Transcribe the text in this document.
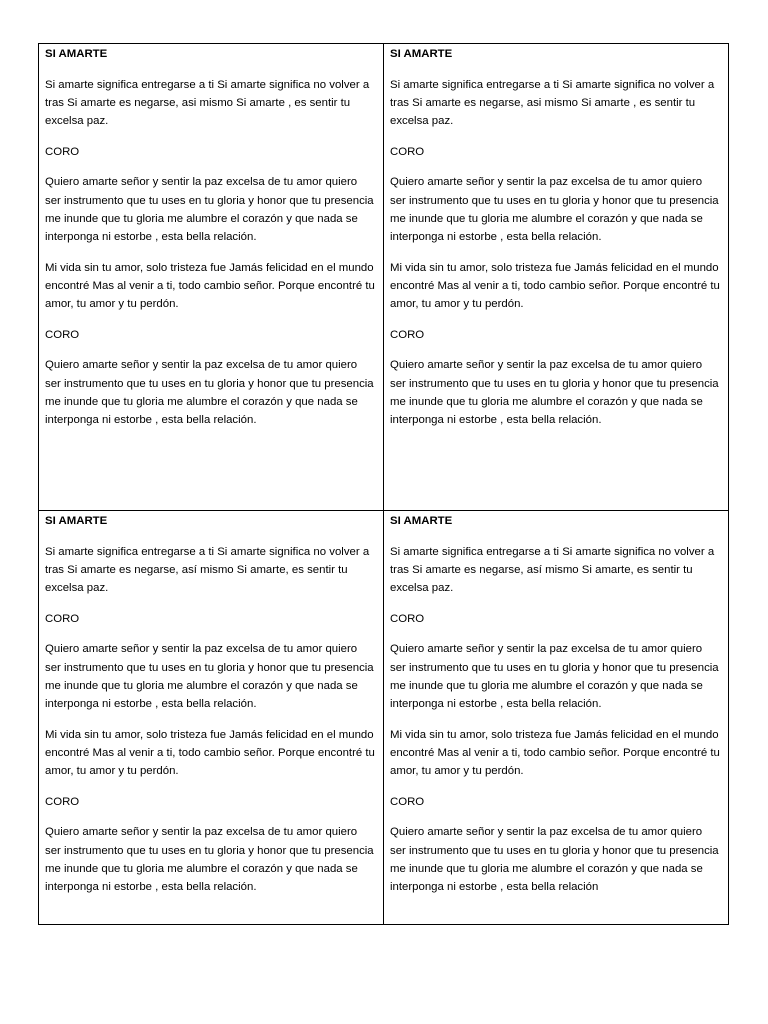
SI AMARTE

Si amarte significa entregarse a ti Si amarte significa no volver a tras Si amarte es negarse, asi mismo Si amarte , es sentir tu excelsa paz.

CORO

Quiero amarte señor y sentir la paz excelsa de tu amor quiero ser instrumento que tu uses en tu gloria y honor que tu presencia me inunde que tu gloria me alumbre el corazón y que nada se interponga ni estorbe , esta bella relación.

Mi vida sin tu amor, solo tristeza fue Jamás felicidad en el mundo encontré Mas al venir a ti, todo cambio señor. Porque encontré tu amor, tu amor y tu perdón.

CORO

Quiero amarte señor y sentir la paz excelsa de tu amor quiero ser instrumento que tu uses en tu gloria y honor que tu presencia me inunde que tu gloria me alumbre el corazón y que nada se interponga ni estorbe , esta bella relación.

SI AMARTE

Si amarte significa entregarse a ti Si amarte significa no volver a tras Si amarte es negarse, asi mismo Si amarte , es sentir tu excelsa paz.

CORO

Quiero amarte señor y sentir la paz excelsa de tu amor quiero ser instrumento que tu uses en tu gloria y honor que tu presencia me inunde que tu gloria me alumbre el corazón y que nada se interponga ni estorbe , esta bella relación.

Mi vida sin tu amor, solo tristeza fue Jamás felicidad en el mundo encontré Mas al venir a ti, todo cambio señor. Porque encontré tu amor, tu amor y tu perdón.

CORO

Quiero amarte señor y sentir la paz excelsa de tu amor quiero ser instrumento que tu uses en tu gloria y honor que tu presencia me inunde que tu gloria me alumbre el corazón y que nada se interponga ni estorbe , esta bella relación.

SI AMARTE

Si amarte significa entregarse a ti Si amarte significa no volver a tras Si amarte es negarse, así mismo Si amarte, es sentir tu excelsa paz.

CORO

Quiero amarte señor y sentir la paz excelsa de tu amor quiero ser instrumento que tu uses en tu gloria y honor que tu presencia me inunde que tu gloria me alumbre el corazón y que nada se interponga ni estorbe , esta bella relación.

Mi vida sin tu amor, solo tristeza fue Jamás felicidad en el mundo encontré Mas al venir a ti, todo cambio señor. Porque encontré tu amor, tu amor y tu perdón.

CORO

Quiero amarte señor y sentir la paz excelsa de tu amor quiero ser instrumento que tu uses en tu gloria y honor que tu presencia me inunde que tu gloria me alumbre el corazón y que nada se interponga ni estorbe , esta bella relación.

SI AMARTE

Si amarte significa entregarse a ti Si amarte significa no volver a tras Si amarte es negarse, así mismo Si amarte, es sentir tu excelsa paz.

CORO

Quiero amarte señor y sentir la paz excelsa de tu amor quiero ser instrumento que tu uses en tu gloria y honor que tu presencia me inunde que tu gloria me alumbre el corazón y que nada se interponga ni estorbe , esta bella relación.

Mi vida sin tu amor, solo tristeza fue Jamás felicidad en el mundo encontré Mas al venir a ti, todo cambio señor. Porque encontré tu amor, tu amor y tu perdón.

CORO

Quiero amarte señor y sentir la paz excelsa de tu amor quiero ser instrumento que tu uses en tu gloria y honor que tu presencia me inunde que tu gloria me alumbre el corazón y que nada se interponga ni estorbe , esta bella relación
